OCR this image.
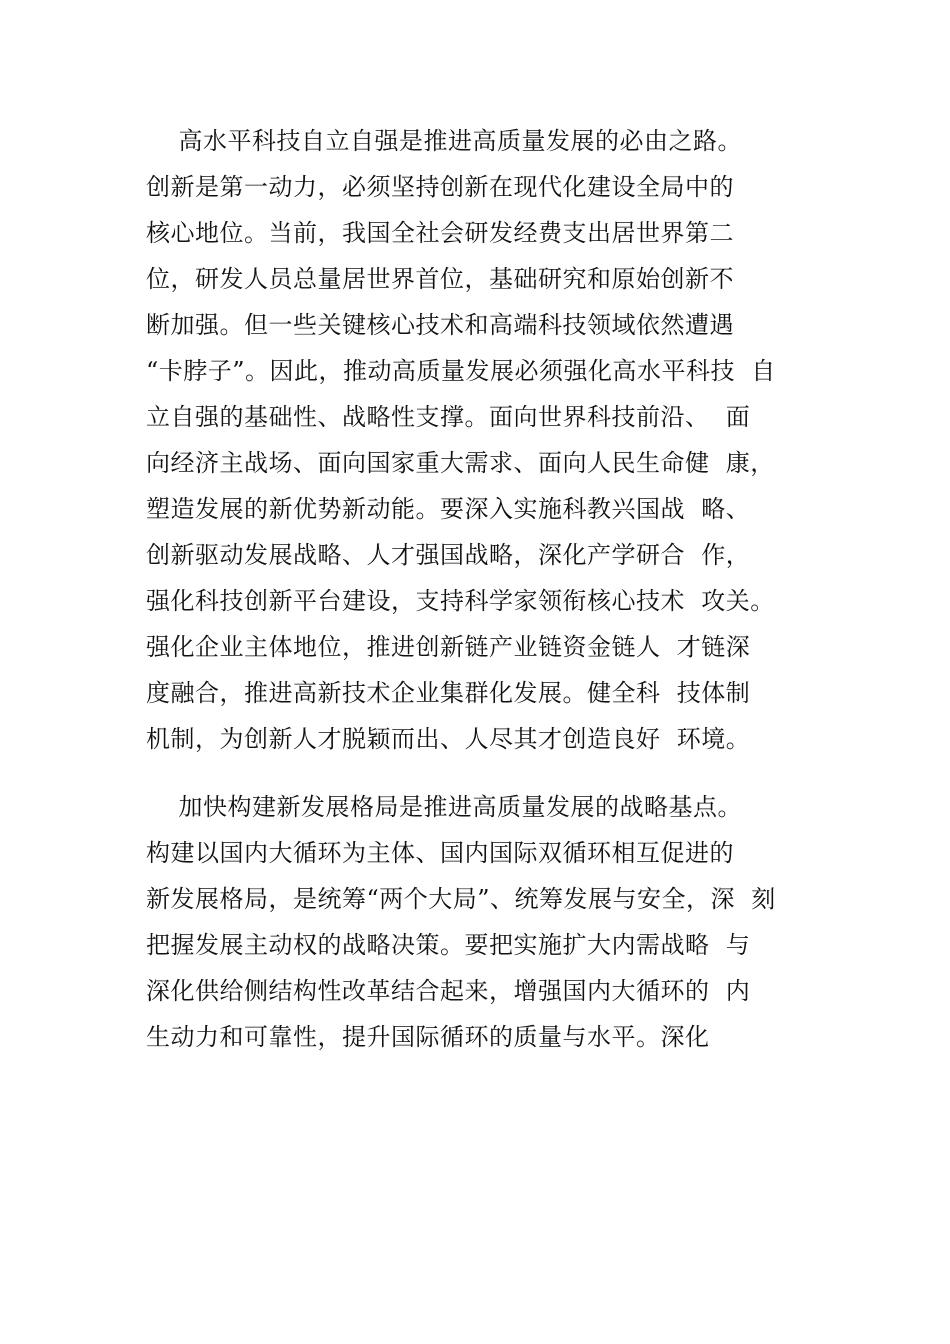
高水平科技自立自强是推进高质量发展的必由之路。
创新是第一动力，必须坚持创新在现代化建设全局中的
核心地位。当前，我国全社会研发经费支出居世界第二
位，研发人员总量居世界首位，基础研究和原始创新不
断加强。但一些关键核心技术和高端科技领域依然遭遇
“卡脖子”。因此，推动高质量发展必须强化高水平科技  自
立自强的基础性、战略性支撑。面向世界科技前沿、  面
向经济主战场、面向国家重大需求、面向人民生命健  康，
塑造发展的新优势新动能。要深入实施科教兴国战  略、
创新驱动发展战略、人才强国战略，深化产学研合  作，
强化科技创新平台建设，支持科学家领衔核心技术  攻关。
强化企业主体地位，推进创新链产业链资金链人  才链深
度融合，推进高新技术企业集群化发展。健全科  技体制
机制，为创新人才脱颖而出、人尽其才创造良好  环境。
加快构建新发展格局是推进高质量发展的战略基点。
构建以国内大循环为主体、国内国际双循环相互促进的
新发展格局，是统筹“两个大局”、统筹发展与安全，深  刻
把握发展主动权的战略决策。要把实施扩大内需战略  与
深化供给侧结构性改革结合起来，增强国内大循环的  内
生动力和可靠性，提升国际循环的质量与水平。深化
